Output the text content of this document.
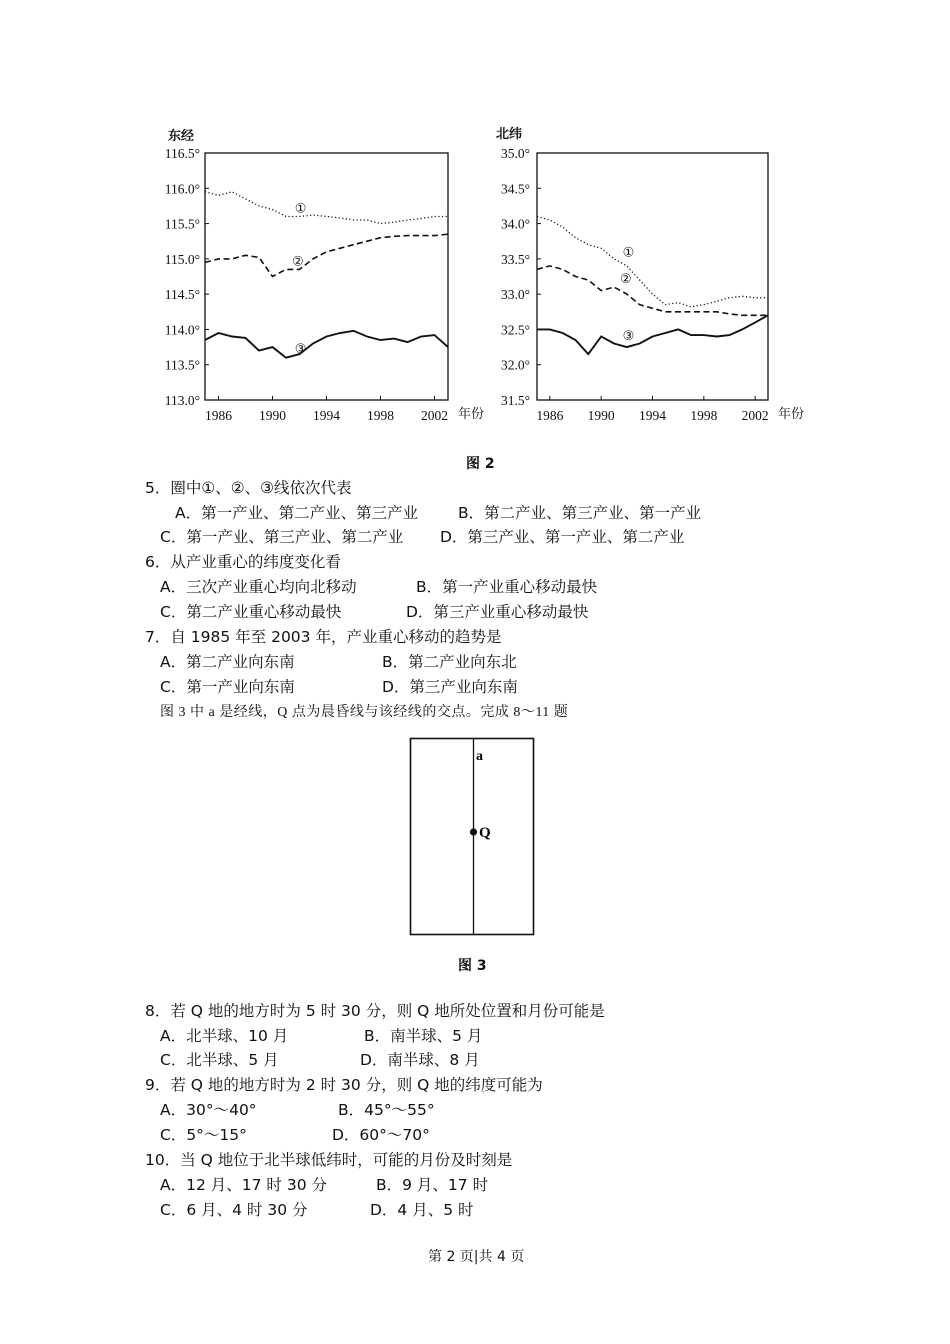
东经
116.5°
116.0°
115.5°
115.0°
114.5°
114.0°
113.5°
113.0°
1986 1990 1994 1998 2002 年份
①
②
③
北纬
35.0°
34.5°
34.0°
33.5°
33.0°
32.5°
32.0°
31.5°
1986 1990 1994 1998 2002 年份
①
②
③
图 2
5．圈中①、②、③线依次代表
A．第一产业、第二产业、第三产业	B．第二产业、第三产业、第一产业
C．第一产业、第三产业、第二产业 D．第三产业、第一产业、第二产业
6．从产业重心的纬度变化看
A．三次产业重心均向北移动	B．第一产业重心移动最快
C．第二产业重心移动最快	D．第三产业重心移动最快
7．自 1985 年至 2003 年，产业重心移动的趋势是
A．第二产业向东南	B．第二产业向东北
C．第一产业向东南	D．第三产业向东南
图 3 中 a 是经线，Q 点为晨昏线与该经线的交点。完成 8～11 题
a
Q
图 3
8．若 Q 地的地方时为 5 时 30 分，则 Q 地所处位置和月份可能是
A．北半球、10 月	B．南半球、5 月
C．北半球、5 月	D．南半球、8 月
9．若 Q 地的地方时为 2 时 30 分，则 Q 地的纬度可能为
A．30°～40°	B．45°～55°
C．5°～15°	D．60°～70°
10．当 Q 地位于北半球低纬时，可能的月份及时刻是
A．12 月、17 时 30 分	B．9 月、17 时
C．6 月、4 时 30 分	D．4 月、5 时
第 2 页|共 4 页
